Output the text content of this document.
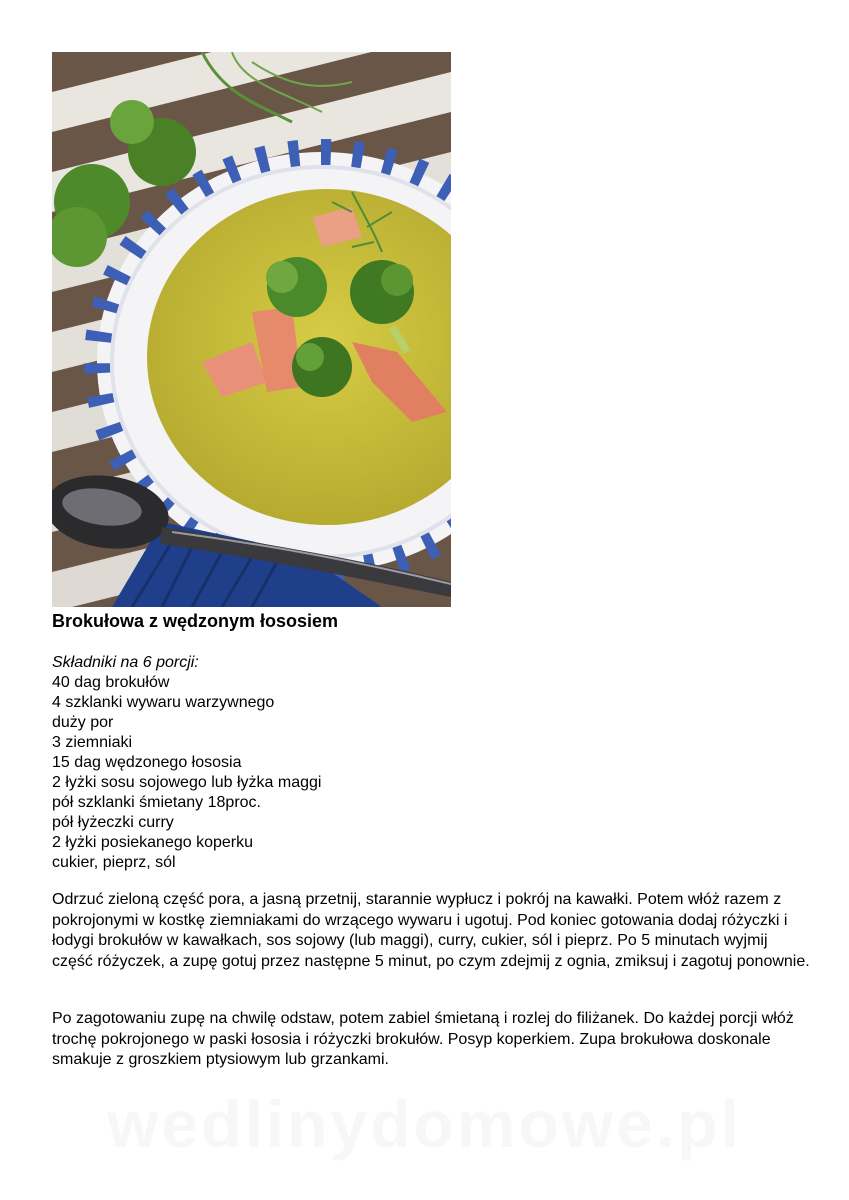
Brokułowa z wędzonym łososiem
Składniki na 6 porcji:
40 dag brokułów
4 szklanki wywaru warzywnego
duży por
3 ziemniaki
15 dag wędzonego łososia
2 łyżki sosu sojowego lub łyżka maggi
pół szklanki śmietany 18proc.
pół łyżeczki curry
2 łyżki posiekanego koperku
cukier, pieprz, sól

Odrzuć zieloną część pora, a jasną przetnij, starannie wypłucz i pokrój na kawałki. Potem włóż razem z pokrojonymi w kostkę ziemniakami do wrzącego wywaru i ugotuj. Pod koniec gotowania dodaj różyczki i łodygi brokułów w kawałkach, sos sojowy (lub maggi), curry, cukier, sól i pieprz. Po 5 minutach wyjmij część różyczek, a zupę gotuj przez następne 5 minut, po czym zdejmij z ognia, zmiksuj i zagotuj ponownie.

Po zagotowaniu zupę na chwilę odstaw, potem zabiel śmietaną i rozlej do filiżanek. Do każdej porcji włóż trochę pokrojonego w paski łososia i różyczki brokułów. Posyp koperkiem. Zupa brokułowa doskonale smakuje z groszkiem ptysiowym lub grzankami.

wedlinydomowe.pl
